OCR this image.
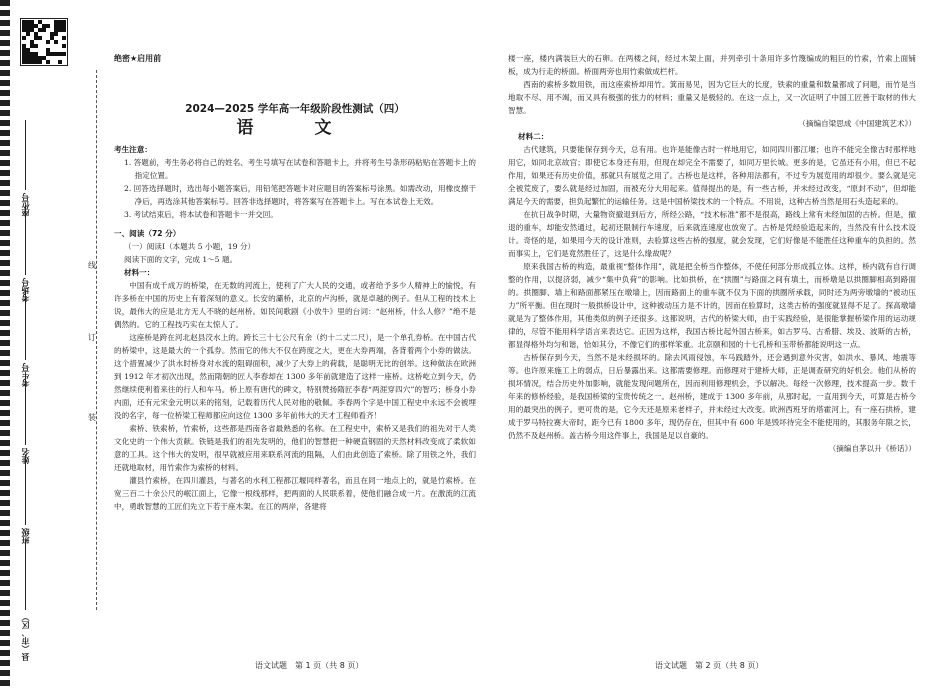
座位号
考场号
考生号
姓名
班级
县（市、区）
线
订
装
绝密★启用前
2024—2025 学年高一年级阶段性测试（四）
语　文
考生注意：
1. 答题前，考生务必将自己的姓名、考生号填写在试卷和答题卡上，并将考生号条形码粘贴在答题卡上的指定位置。
2. 回答选择题时，选出每小题答案后，用铅笔把答题卡对应题目的答案标号涂黑。如需改动，用橡皮擦干净后，再选涂其他答案标号。回答非选择题时，将答案写在答题卡上。写在本试卷上无效。
3. 考试结束后，将本试卷和答题卡一并交回。
一、阅读（72 分）
（一）阅读Ⅰ（本题共 5 小题，19 分）
阅读下面的文字，完成 1～5 题。
材料一：

中国有成千成万的桥梁，在无数的河流上，使利了广大人民的交通，或者给予多少人精神上的愉悦，有许多桥在中国的历史上有着深刻的意义。长安的灞桥，北京的卢沟桥，就是卓越的例子。但从工程的技术上说，最伟大的应是北方无人不晓的赵州桥。如民间歌剧《小放牛》里的台词：“赵州桥，什么人修？”绝不是偶然的。它的工程技巧实在太惊人了。

这座桥是跨在河北赵县洨水上的。跨长三十七公尺有余（约十二丈二尺），是一个单孔券桥。在中国古代的桥梁中，这是最大的一个孤券。然而它的伟大不仅在跨度之大，更在大券两端，各背着两个小券的做法。这个措置减少了洪水时桥身对水流的阻碍面积，减少了大券上的荷载，是聪明无比的创举。这种做法在欧洲到 1912 年才初次出现，然而隋朝的匠人李春却在 1300 多年前就建造了这样一座桥。这桥屹立到今天，仍然继续使利着来往的行人和车马。桥上原有唐代的碑文，特别赞扬隋匠李春“两涯穿四穴”的智巧；桥身小券内面，还有元宋金元明以来的铭刻，记载着历代人民对他的敬佩。李春两个字是中国工程史中永远不会被埋没的名字，每一位桥梁工程师都应向这位 1300 多年前伟大的天才工程师看齐！

索桥、铁索桥，竹索桥，这些都是西南各省最熟悉的名称。在工程史中，索桥又是我们的祖先对于人类文化史的一个伟大贡献。铁链是我们的祖先发明的，他们的智慧把一种硬直钢固的天然材料改变成了柔软如意的工具。这个伟大的发明，很早就被应用来联系河流的阻隔，人们由此创造了索桥。除了用铁之外，我们还就地取材，用竹索作为索桥的材料。

灌县竹索桥，在四川灌县，与著名的水利工程都江堰同样著名，而且在同一地点上的，就是竹索桥。在宽三百二十余公尺的岷江面上，它像一根线那样，把两面的人民联系着，使他们融合成一片。在激流的江流中，勇敢智慧的工匠们先立下若干座木架。在江的两岸，各建将

楼一座，楼内满装巨大的石卵。在两楼之间，经过木架上面，并列牵引十条用许多竹篾编成的粗巨的竹索，竹索上面铺板，成为行走的桥面。桥面两旁也用竹索做成栏杆。

西南的索桥多数用铁，而这座索桥却用竹。箕而易见，因为它巨大的长度，铁索的重量和数量都成了问题，而竹是当地取不尽、用不竭，而又具有极强的张力的材料；重量又是极轻的。在这一点上，又一次证明了中国工匠善于取材的伟大智慧。

（摘编自梁思成《中国建筑艺术》）

材料二：

古代建筑，只要能保存到今天，总有用。也许是能像古时一样地用它，如同四川都江堰；也许不能完全像古时那样地用它，如同北京故宫；即使它本身还有用，但现在却完全不需要了，如同万里长城。更多的是，它虽还有小用，但已不起作用，如果还有历史价值，那就只有展览之用了。古桥也是这样，各种用法都有，不过专为展览用的却很少。要么就是完全被荒废了，要么就是经过加固，而被充分大用起来。值得提出的是，有一些古桥，并未经过改变，“原封不动”，但却能满足今天的需要，担负起繁忙的运输任务。这是中国桥梁技术的一个特点。不用说，这种古桥当然是用石头造起来的。

在抗日战争时期，大量物资撤退到后方，所经公路，“技术标准”都不是很高，路线上常有未经加固的古桥。但是，撤退的重车，却能安然通过，起初还限制行车速度，后来就连速度也放宽了。古桥是凭经验造起来的，当然没有什么技术设计。奇怪的是，如果用今天的设计准则，去验算这些古桥的强度，就会发现，它们好像是不能胜任这种重车的负担的。然而事实上，它们是竟然胜任了，这是什么缘故呢？

原来我国古桥的构造，最重视“整体作用”，就是把全桥当作整体，不使任何部分形成孤立体。这样，桥内就有自行调整的作用，以提济弱，减少“集中负荷”的影响。比如拱桥，在“拱圈”与路面之间有填土，而桥墩是以拱圈脚相高到路面的。拱圈脚、墙上和路面都紧压在墩墙上，因而路面上的重车就不仅为下面的拱圈所承载，同时还为两旁墩墙的“被动压力”所平衡。但在现时一般拱桥设计中，这种被动压力是不计的，因而在验算时，这类古桥的强度就显得不足了。探高墩墙就是为了整体作用，其他类似的例子还很多。这都说明，古代的桥梁大师，由于实践经验，是很能掌握桥梁作用的运动规律的，尽管不能用科学语言来表达它。正因为这样，我国古桥比起外国古桥来，如古罗马、古希腊、埃及、波斯的古桥，都显得格外均匀和谐，恰如其分，不像它们的那样笨重。北京颐和园的十七孔桥和玉带桥都能说明这一点。

古桥保存到今天，当然不是未经损坏的。除去风雨侵蚀，车马践踏外，还会遇到意外灾害，如洪水、暴风、地震等等。也许原来施工上的弱点，日后暴露出来。这都需要修理。而修理对于建桥大师，正是调查研究的好机会。他们从桥的损坏情况，结合历史外加影响，就能发现问题所在，因而利用修理机会，予以解决。每经一次修理，技术提高一步。数千年来的修桥经验，是我国桥梁的宝贵传统之一。赵州桥，建成于 1300 多年前，从那时起，一直用到今天，可算是古桥今用的最突出的例子。更可贵的是，它今天还是原来老样子，并未经过大改变。欧洲西班牙的塔霍河上，有一座石拱桥，建成于罗马特拉赛大帝时，距今已有 1800 多年，现仍存在，但其中有 600 年是毁坏待完全不能使用的，其服务年限之长，仍然不及赵州桥。盖古桥今用这件事上，我国是足以自豪的。

（摘编自茅以升《桥话》）

语文试题　第 1 页（共 8 页）	语文试题　第 2 页（共 8 页）
